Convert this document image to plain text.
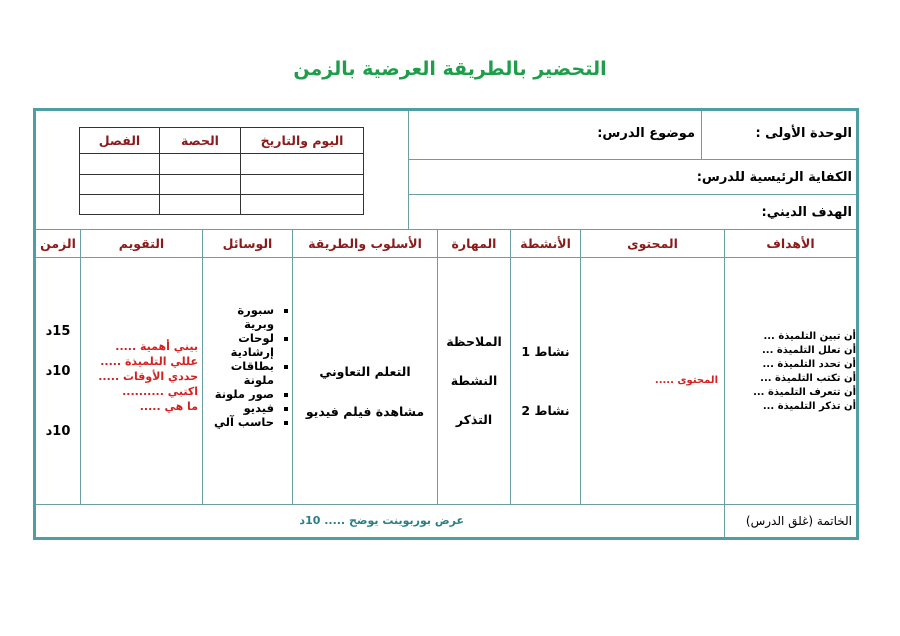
التحضير بالطريقة العرضية بالزمن
اليوم والتاريخ
الحصة
الفصل	الوحدة الأولى :
موضوع الدرس:
الكفاية الرئيسية للدرس:
الهدف الديني:
الأهداف
المحتوى
الأنشطة
المهارة
الأسلوب والطريقة
الوسائل
التقويم
الزمن
أن تبين التلميذة ...
أن تعلل التلميذة ...
أن تحدد التلميذة ...
أن تكتب التلميذة ...
أن تتعرف التلميذة ...
أن تذكر التلميذة ...
المحتوى .....
نشاط 1
نشاط 2
الملاحظة
النشطة
التذكر
التعلم التعاوني
مشاهدة فيلم فيديو
▪ سبورة وبرية
▪ لوحات إرشادية
▪ بطاقات ملونة
▪ صور ملونة
▪ فيديو
▪ حاسب آلي
بيني أهمية .....
عللي التلميذة .....
حددي الأوقات .....
اكتبي ..........
ما هي .....
15د
10د
10د
الخاتمة (غلق الدرس)
عرض بوربوينت يوضح ..... 10د
